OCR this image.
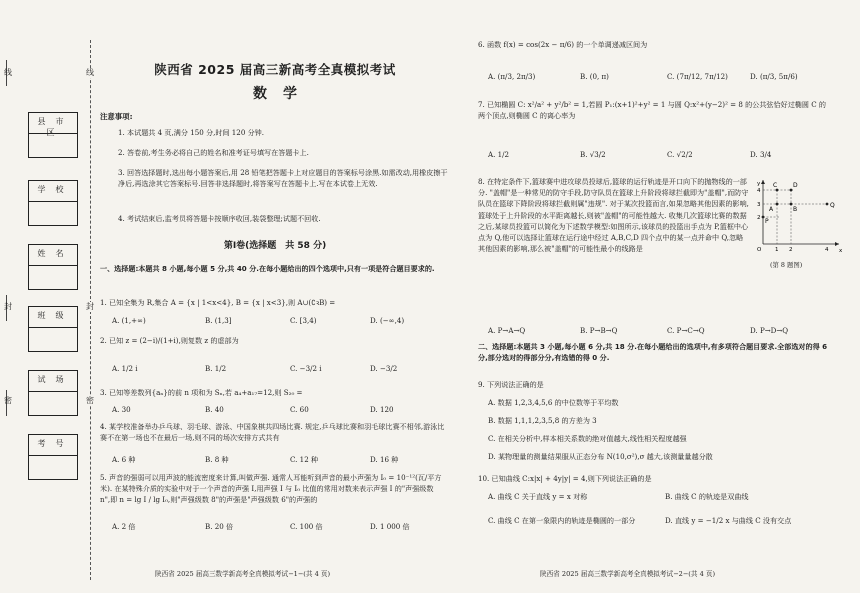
线
封
密
线
封
密
县市区
学校
姓名
班级
试场
考号
陕西省 2025 届高三新高考全真模拟考试
数学
注意事项:
1. 本试题共 4 页,满分 150 分,时间 120 分钟.
2. 答卷前,考生务必将自己的姓名和准考证号填写在答题卡上.
3. 回答选择题时,选出每小题答案后,用 28 铅笔把答题卡上对应题目的答案标号涂黑.如需改动,用橡皮擦干净后,再选涂其它答案标号.回答非选择题时,将答案写在答题卡上.写在本试卷上无效.
4. 考试结束后,监考员将答题卡按顺序收回,装袋整理;试题不回收.
第Ⅰ卷(选择题　共 58 分)
一、选择题:本题共 8 小题,每小题 5 分,共 40 分.在每小题给出的四个选项中,只有一项是符合题目要求的.
1. 已知全集为 R,集合 A = {x | 1<x<4}, B = {x | x<3},则 A∪(∁ꝛB) =
A. (1,+∞)	B. (1,3]	C. [3,4)	D. (−∞,4)
2. 已知 z = (2−i)/(1+i),则复数 z 的虚部为
A. 1/2 i	B. 1/2	C. −3/2 i	D. −3/2
3. 已知等差数列{aₙ}的前 n 项和为 Sₙ,若 a₄+a₁₇=12,则 S₂₀ =
A. 30	B. 40	C. 60	D. 120
4. 某学校准备举办乒乓球、羽毛球、游泳、中国象棋共四场比赛. 规定,乒乓球比赛和羽毛球比赛不相邻,游泳比赛不在第一场也不在最后一场,则不同的场次安排方式共有
A. 6 种	B. 8 种	C. 12 种	D. 16 种
5. 声音的强弱可以用声波的能流密度来计算,叫做声强. 通常人耳能听到声音的最小声强为 I₀ = 10⁻¹²(瓦/平方米). 在某特殊介质的实验中对于一个声音的声强 I,用声强 I 与 I₀ 比值的常用对数来表示声强 I 的"声强级数 n",即 n = lg I / lg I₀,则"声强级数 8"的声强是"声强级数 6"的声强的
A. 2 倍	B. 20 倍	C. 100 倍	D. 1 000 倍
陕西省 2025 届高三数学新高考全真模拟考试−1−(共 4 页)
6. 函数 f(x) = cos(2x − π/6) 的一个单调递减区间为
A. (π/3, 2π/3)	B. (0, π)	C. (7π/12, 7π/12)	D. (π/3, 5π/6)
7. 已知椭圆 C: x²/a² + y²/b² = 1,若圆 P₁:(x+1)²+y² = 1 与圆 Q:x²+(y−2)² = 8 的公共弦恰好过椭圆 C 的两个顶点,则椭圆 C 的离心率为
A. 1/2	B. √3/2	C. √2/2	D. 3/4
8. 在特定条件下,篮球赛中进攻球员投球后,篮球的运行轨迹是开口向下的抛物线的一部分. "盖帽"是一种常见的防守手段,防守队员在篮球上升阶段将球拦截即为"盖帽",而防守队员在篮球下降阶段将球拦截则属"违规". 对于某次投篮而言,如果忽略其他因素的影响,篮球处于上升阶段的水平距离越长,则被"盖帽"的可能性越大. 收集几次篮球比赛的数据之后,某球员投篮可以简化为下述数学模型:如图所示,该球员的投篮出手点为 P,篮框中心点为 Q,他可以选择让篮球在运行途中经过 A,B,C,D 四个点中的某一点并命中 Q,忽略其他因素的影响,那么被"盖帽"的可能性最小的线路是
C	D
A	B
P
Q
O
y
x
1 2	4
2
3
4
(第 8 题图)
A. P→A→Q	B. P→B→Q	C. P→C→Q	D. P→D→Q
二、选择题:本题共 3 小题,每小题 6 分,共 18 分.在每小题给出的选项中,有多项符合题目要求.全部选对的得 6 分,部分选对的得部分分,有选错的得 0 分.
9. 下列说法正确的是
A. 数据 1,2,3,4,5,6 的中位数等于平均数
B. 数据 1,1,1,2,3,5,8 的方差为 3
C. 在相关分析中,样本相关系数的绝对值越大,线性相关程度越强
D. 某物理量的测量结果服从正态分布 N(10,σ²),σ 越大,该测量量越分散
10. 已知曲线 C:x|x| + 4y|y| = 4,则下列说法正确的是
A. 曲线 C 关于直线 y = x 对称	B. 曲线 C 的轨迹是双曲线
C. 曲线 C 在第一象限内的轨迹是椭圆的一部分	D. 直线 y = −1/2 x 与曲线 C 没有交点
陕西省 2025 届高三数学新高考全真模拟考试−2−(共 4 页)
